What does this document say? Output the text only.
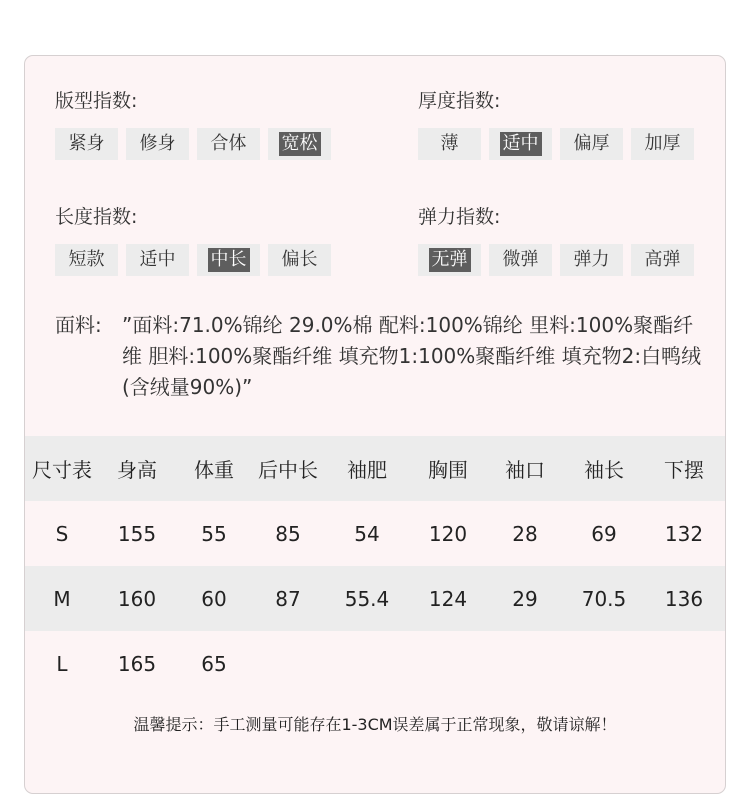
版型指数:
紧身	修身	合体	宽松
厚度指数:
薄	适中	偏厚	加厚
长度指数:
短款	适中	中长	偏长
弹力指数:
无弹	微弹	弹力	高弹
面料: ”面料:71.0%锦纶 29.0%棉 配料:100%锦纶 里料:100%聚酯纤维 胆料:100%聚酯纤维 填充物1:100%聚酯纤维 填充物2:白鸭绒 (含绒量90%)”
尺寸表	身高	体重	后中长	袖肥	胸围	袖口	袖长	下摆
S	155	55	85	54	120	28	69	132
M	160	60	87	55.4	124	29	70.5	136
L	165	65
温馨提示：手工测量可能存在1-3CM误差属于正常现象，敬请谅解！
